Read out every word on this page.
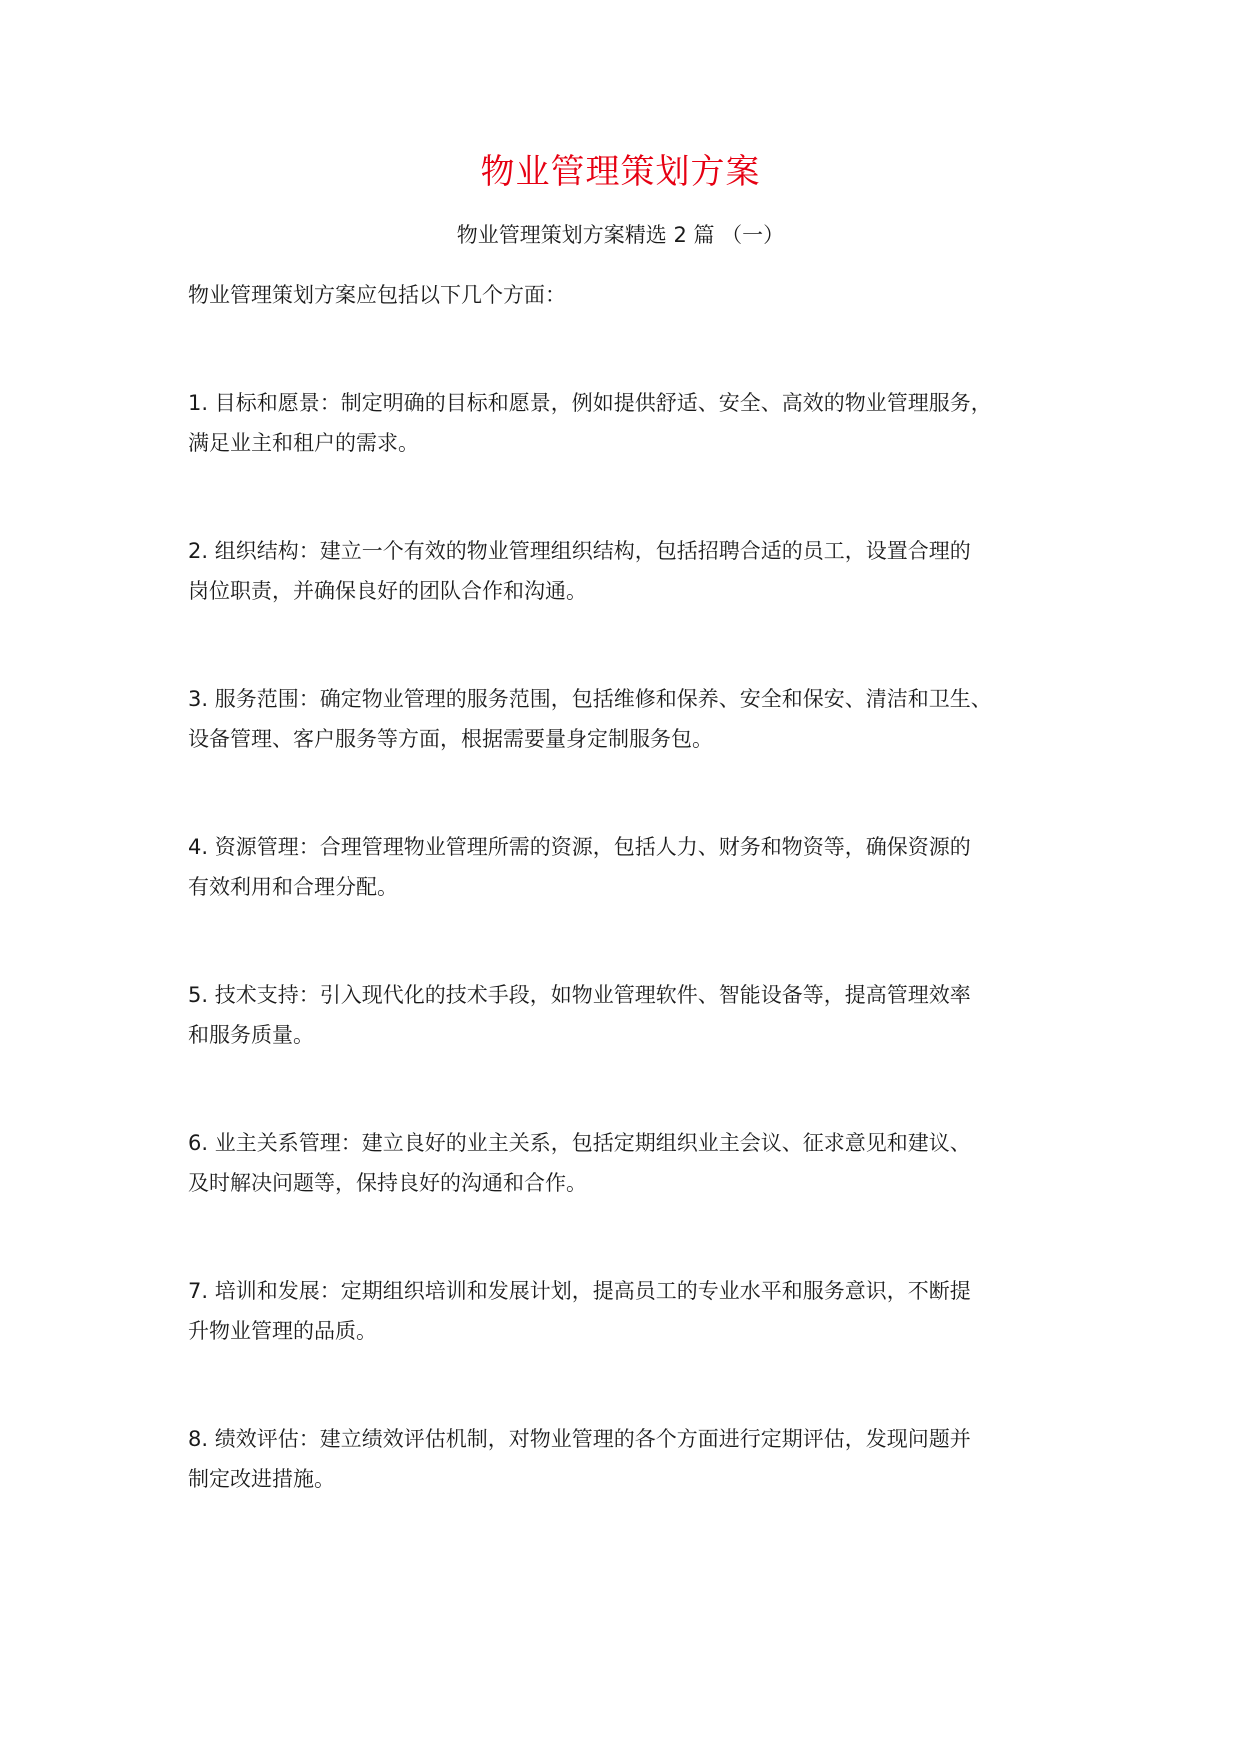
物业管理策划方案

物业管理策划方案精选 2 篇 （一）

物业管理策划方案应包括以下几个方面：

1. 目标和愿景：制定明确的目标和愿景，例如提供舒适、安全、高效的物业管理服务，
满足业主和租户的需求。

2. 组织结构：建立一个有效的物业管理组织结构，包括招聘合适的员工，设置合理的
岗位职责，并确保良好的团队合作和沟通。

3. 服务范围：确定物业管理的服务范围，包括维修和保养、安全和保安、清洁和卫生、
设备管理、客户服务等方面，根据需要量身定制服务包。

4. 资源管理：合理管理物业管理所需的资源，包括人力、财务和物资等，确保资源的
有效利用和合理分配。

5. 技术支持：引入现代化的技术手段，如物业管理软件、智能设备等，提高管理效率
和服务质量。

6. 业主关系管理：建立良好的业主关系，包括定期组织业主会议、征求意见和建议、
及时解决问题等，保持良好的沟通和合作。

7. 培训和发展：定期组织培训和发展计划，提高员工的专业水平和服务意识，不断提
升物业管理的品质。

8. 绩效评估：建立绩效评估机制，对物业管理的各个方面进行定期评估，发现问题并
制定改进措施。
